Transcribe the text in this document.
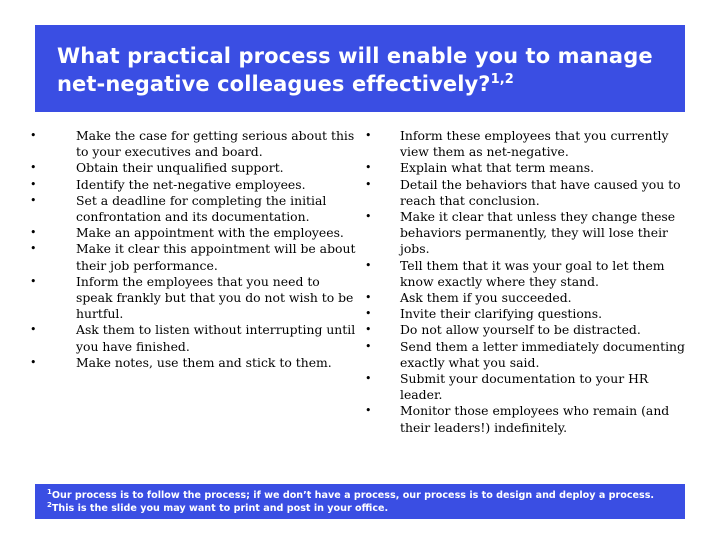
What practical process will enable you to manage net-negative colleagues effectively?$^{1,2}$
•	Make the case for getting serious about this to your executives and board.
•	Obtain their unqualified support.
•	Identify the net-negative employees.
•	Set a deadline for completing the initial confrontation and its documentation.
•	Make an appointment with the employees.
•	Make it clear this appointment will be about their job performance.
•	Inform the employees that you need to speak frankly but that you do not wish to be hurtful.
•	Ask them to listen without interrupting until you have finished.
•	Make notes, use them and stick to them.
• Inform these employees that you currently view them as net-negative.
• Explain what that term means.
• Detail the behaviors that have caused you to reach that conclusion.
• Make it clear that unless they change these behaviors permanently, they will lose their jobs.
• Tell them that it was your goal to let them know exactly where they stand.
• Ask them if you succeeded.
• Invite their clarifying questions.
• Do not allow yourself to be distracted.
• Send them a letter immediately documenting exactly what you said.
• Submit your documentation to your HR leader.
• Monitor those employees who remain (and their leaders!) indefinitely.

$^1$Our process is to follow the process; if we don’t have a process, our process is to design and deploy a process.

$^2$This is the slide you may want to print and post in your office.
